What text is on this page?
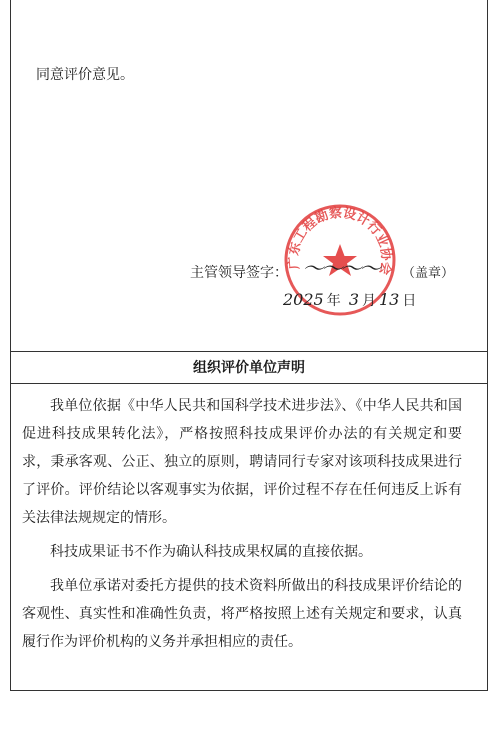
组织评价单位声明
同意评价意见。
广东工程勘察设计行业协会
～～～～
主管领导签字：	（盖章）
2025 年 3 月 13 日

我单位依据《中华人民共和国科学技术进步法》、《中华人民共和国促进科技成果转化法》，严格按照科技成果评价办法的有关规定和要求，秉承客观、公正、独立的原则，聘请同行专家对该项科技成果进行了评价。评价结论以客观事实为依据，评价过程不存在任何违反上诉有关法律法规规定的情形。

科技成果证书不作为确认科技成果权属的直接依据。

我单位承诺对委托方提供的技术资料所做出的科技成果评价结论的客观性、真实性和准确性负责，将严格按照上述有关规定和要求，认真履行作为评价机构的义务并承担相应的责任。
